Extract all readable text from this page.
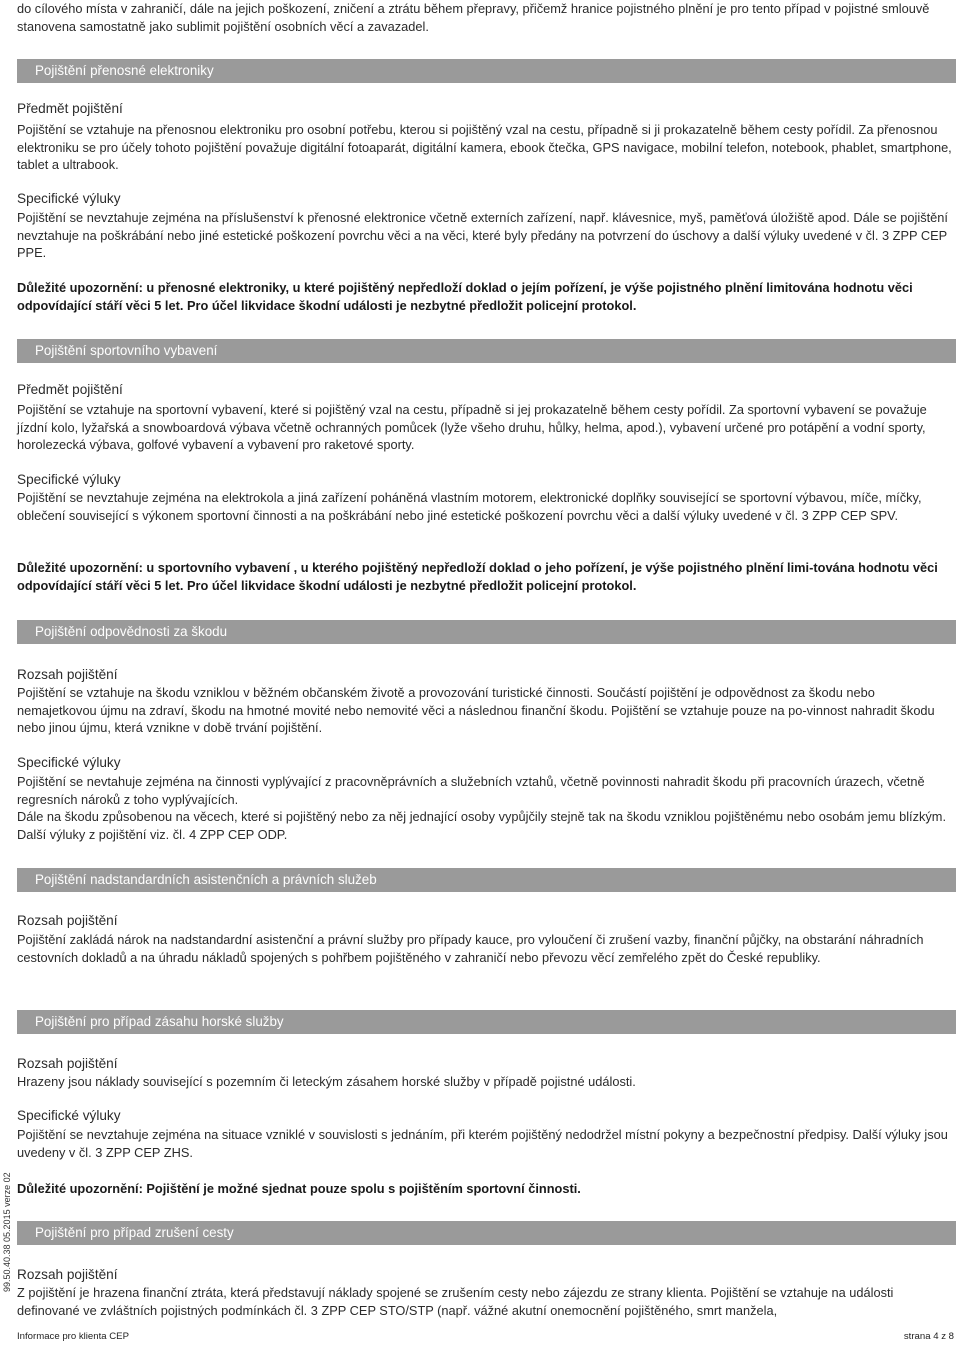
do cílového místa v zahraničí, dále na jejich poškození, zničení a ztrátu během přepravy, přičemž hranice pojistného plnění je pro tento případ v pojistné smlouvě stanovena samostatně jako sublimit pojištění osobních věcí a zavazadel.

Pojištění přenosné elektroniky
Předmět pojištění

Pojištění se vztahuje na přenosnou elektroniku pro osobní potřebu, kterou si pojištěný vzal na cestu, případně si ji prokazatelně během cesty pořídil. Za přenosnou elektroniku se pro účely tohoto pojištění považuje digitální fotoaparát, digitální kamera, ebook čtečka, GPS navigace, mobilní telefon, notebook, phablet, smartphone, tablet a ultrabook.

Specifické výluky

Pojištění se nevztahuje zejména na příslušenství k přenosné elektronice včetně externích zařízení, např. klávesnice, myš, paměťová úložiště apod. Dále se pojištění nevztahuje na poškrábání nebo jiné estetické poškození povrchu věci a na věci, které byly předány na potvrzení do úschovy a další výluky uvedené v čl. 3 ZPP CEP PPE.

Důležité upozornění: u přenosné elektroniky, u které pojištěný nepředloží doklad o jejím pořízení, je výše pojistného plnění limitována hodnotu věci odpovídající stáří věci 5 let. Pro účel likvidace škodní události je nezbytné předložit policejní protokol.

Pojištění sportovního vybavení
Předmět pojištění

Pojištění se vztahuje na sportovní vybavení, které si pojištěný vzal na cestu, případně si jej prokazatelně během cesty pořídil. Za sportovní vybavení se považuje jízdní kolo, lyžařská a snowboardová výbava včetně ochranných pomůcek (lyže všeho druhu, hůlky, helma, apod.), vybavení určené pro potápění a vodní sporty, horolezecká výbava, golfové vybavení a vybavení pro raketové sporty.

Specifické výluky

Pojištění se nevztahuje zejména na elektrokola a jiná zařízení poháněná vlastním motorem, elektronické doplňky související se sportovní výbavou, míče, míčky, oblečení související s výkonem sportovní činnosti a na poškrábání nebo jiné estetické poškození povrchu věci a další výluky uvedené v čl. 3 ZPP CEP SPV.

Důležité upozornění: u sportovního vybavení , u kterého pojištěný nepředloží doklad o jeho pořízení, je výše pojistného plnění limi-tována hodnotu věci odpovídající stáří věci 5 let. Pro účel likvidace škodní události je nezbytné předložit policejní protokol.

Pojištění odpovědnosti za škodu
Rozsah pojištění

Pojištění se vztahuje na škodu vzniklou v běžném občanském životě a provozování turistické činnosti. Součástí pojištění je odpovědnost za škodu nebo nemajetkovou újmu na zdraví, škodu na hmotné movité nebo nemovité věci a následnou finanční škodu. Pojištění se vztahuje pouze na po-vinnost nahradit škodu nebo jinou újmu, která vznikne v době trvání pojištění.

Specifické výluky

Pojištění se nevtahuje zejména na činnosti vyplývající z pracovněprávních a služebních vztahů, včetně povinnosti nahradit škodu při pracovních úrazech, včetně regresních nároků z toho vyplývajících.

Dále na škodu způsobenou na věcech, které si pojištěný nebo za něj jednající osoby vypůjčily stejně tak na škodu vzniklou pojištěnému nebo osobám jemu blízkým. Další výluky z pojištění viz. čl. 4 ZPP CEP ODP.

Pojištění nadstandardních asistenčních a právních služeb
Rozsah pojištění

Pojištění zakládá nárok na nadstandardní asistenční a právní služby pro případy kauce, pro vyloučení či zrušení vazby, finanční půjčky, na obstarání náhradních cestovních dokladů a na úhradu nákladů spojených s pohřbem pojištěného v zahraničí nebo převozu věcí zemřelého zpět do České republiky.

Pojištění pro případ zásahu horské služby
Rozsah pojištění

Hrazeny jsou náklady související s pozemním či leteckým zásahem horské služby v případě pojistné události.

Specifické výluky

Pojištění se nevztahuje zejména na situace vzniklé v souvislosti s jednáním, při kterém pojištěný nedodržel místní pokyny a bezpečnostní předpisy. Další výluky jsou uvedeny v čl. 3 ZPP CEP ZHS.

Důležité upozornění: Pojištění je možné sjednat pouze spolu s pojištěním sportovní činnosti.

Pojištění pro případ zrušení cesty
Rozsah pojištění

Z pojištění je hrazena finanční ztráta, která představují náklady spojené se zrušením cesty nebo zájezdu ze strany klienta. Pojištění se vztahuje na události definované ve zvláštních pojistných podmínkách čl. 3 ZPP CEP STO/STP (např. vážné akutní onemocnění pojištěného, smrt manžela,

99.50.40.38 05.2015 verze 02
Informace pro klienta CEP	strana 4 z 8
